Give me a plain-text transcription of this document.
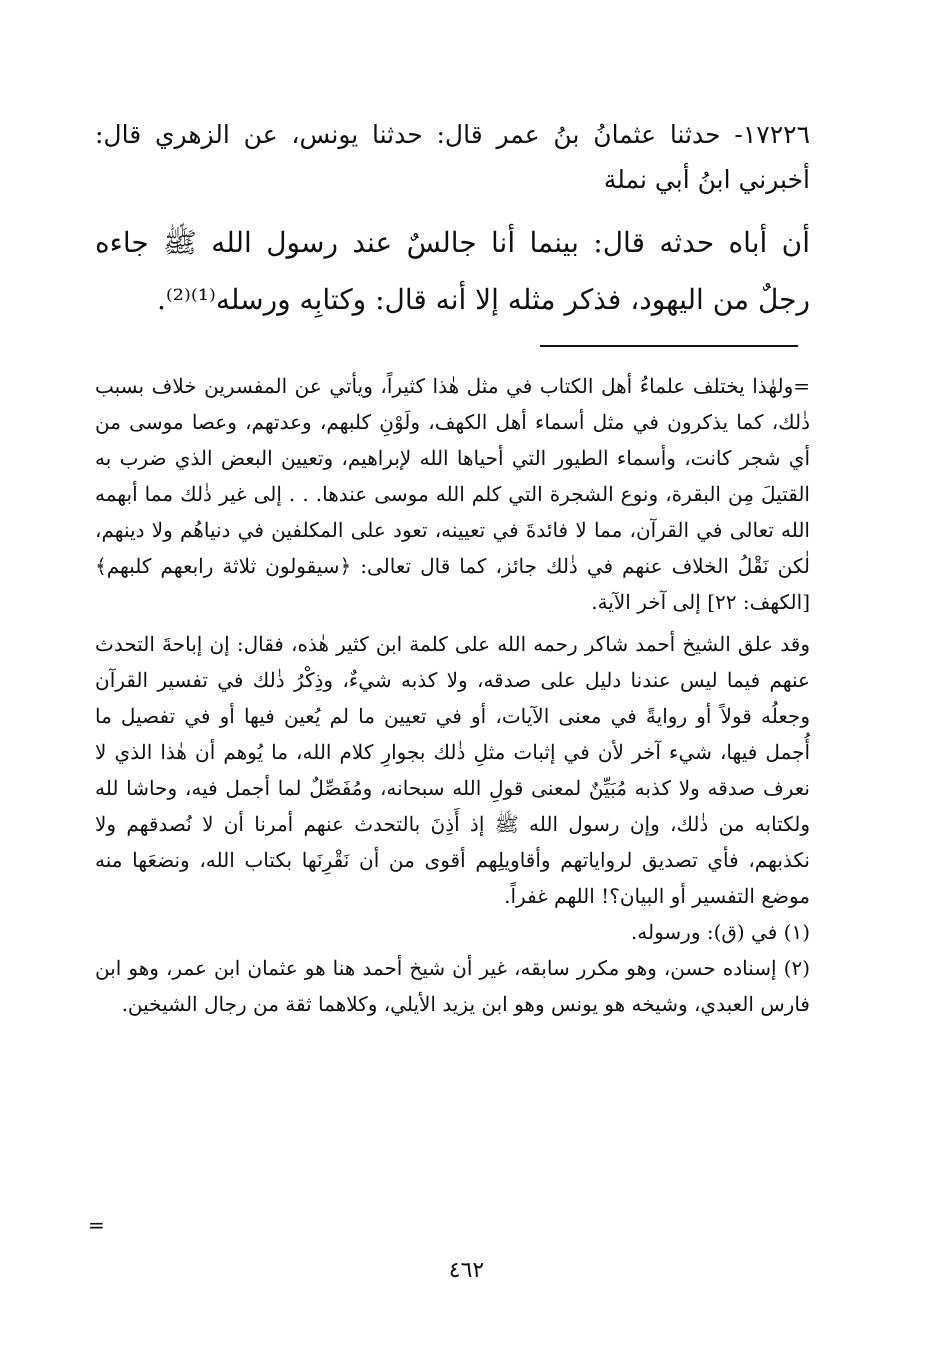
١٧٢٢٦- حدثنا عثمانُ بنُ عمر قال: حدثنا يونس، عن الزهري قال: أخبرني ابنُ أبي نملة

أن أباه حدثه قال: بينما أنا جالسٌ عند رسول الله ﷺ جاءه رجلٌ من اليهود، فذكر مثله إلا أنه قال: وكتابِه ورسله⁽¹⁾⁽²⁾.

=ولهٰذا يختلف علماءُ أهل الكتاب في مثل هٰذا كثيراً، ويأتي عن المفسرين خلاف بسبب ذٰلك، كما يذكرون في مثل أسماء أهل الكهف، ولَوْنِ كلبهم، وعدتهم، وعصا موسى من أي شجر كانت، وأسماء الطيور التي أحياها الله لإبراهيم، وتعيين البعض الذي ضرب به القتيلَ مِن البقرة، ونوع الشجرة التي كلم الله موسى عندها. . . إلى غير ذٰلك مما أبهمه الله تعالى في القرآن، مما لا فائدةَ في تعيينه، تعود على المكلفين في دنياهُم ولا دينهم، لٰكن نَقْلُ الخلاف عنهم في ذٰلك جائز، كما قال تعالى: ﴿سيقولون ثلاثة رابعهم كلبهم﴾ [الكهف: ٢٢] إلى آخر الآية.

وقد علق الشيخ أحمد شاكر رحمه الله على كلمة ابن كثير هٰذه، فقال: إن إباحةَ التحدث عنهم فيما ليس عندنا دليل على صدقه، ولا كذبه شيءٌ، وذِكْرُ ذٰلك في تفسير القرآن وجعلُه قولاً أو روايةً في معنى الآيات، أو في تعيين ما لم يُعين فيها أو في تفصيل ما أُجمل فيها، شيء آخر لأن في إثبات مثلِ ذٰلك بجوارِ كلام الله، ما يُوهم أن هٰذا الذي لا نعرف صدقه ولا كذبه مُبَيِّنٌ لمعنى قولِ الله سبحانه، ومُفَصِّلٌ لما أجمل فيه، وحاشا لله ولكتابه من ذٰلك، وإن رسول الله ﷺ إذ أَذِنَ بالتحدث عنهم أمرنا أن لا نُصدقهم ولا نكذبهم، فأي تصديق لرواياتهم وأقاويلِهم أقوى من أن نَقْرِنَها بكتاب الله، ونضعَها منه موضع التفسير أو البيان؟! اللهم غفراً.

(١) في (ق): ورسوله.

(٢) إسناده حسن، وهو مكرر سابقه، غير أن شيخ أحمد هنا هو عثمان ابن عمر، وهو ابن فارس العبدي، وشيخه هو يونس وهو ابن يزيد الأيلي، وكلاهما ثقة من رجال الشيخين.

=
٤٦٢
